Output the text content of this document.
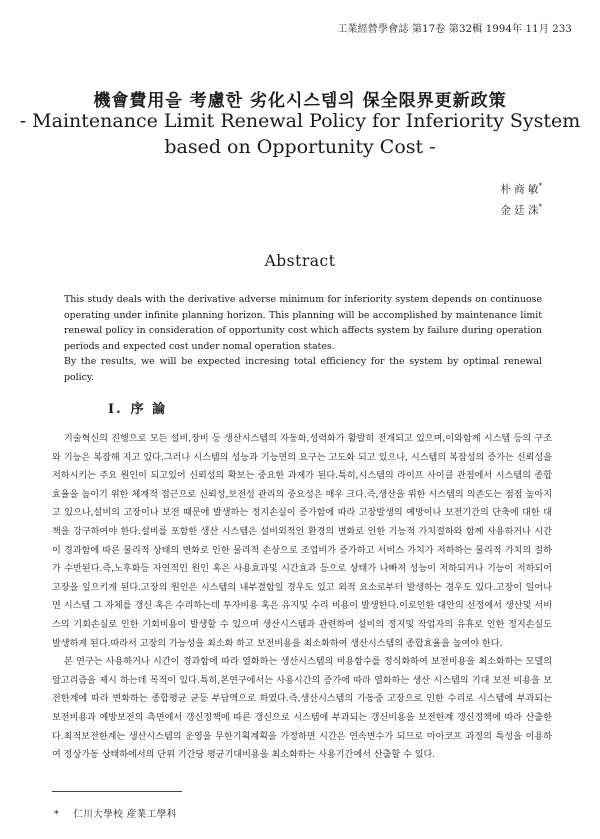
工業經營學會誌 第17卷 第32輯 1994年 11月 233
機會費用을 考慮한 劣化시스템의 保全限界更新政策
- Maintenance Limit Renewal Policy for Inferiority System
based on Opportunity Cost -
朴 商 敏*
金 廷 洙*
Abstract

This study deals with the derivative adverse minimum for inferiority system depends on continuose operating under infinite planning horizon. This planning will be accomplished by maintenance limit renewal policy in consideration of opportunity cost which affects system by failure during operation periods and expected cost under nomal operation states.

By the results, we will be expected incresing total efficiency for the system by optimal renewal policy.

I. 序 論

기술혁신의 진행으로 모든 설비,장비 등 생산시스템의 자동화,성력화가 활발히 전개되고 있으며,이와함께 시스템 등의 구조와 기능은 복잡해 지고 있다.그러나 시스템의 성능과 기능면의 요구는 고도화 되고 있으나, 시스템의 복잡성의 증가는 신뢰성을 저하시키는 주요 원인이 되고있어 신뢰성의 확보는 중요한 과제가 된다.특히,시스템의 라이프 사이클 관점에서 시스템의 종합효율을 높이기 위한 체계적 접근으로 신뢰성,보전성 관리의 중요성은 매우 크다.즉,생산을 위한 시스템의 의존도는 점점 높아지고 있으나,설비의 고장이나 보전 때문에 발생하는 정지손실이 증가함에 따라 고장발생의 예방이나 보전기간의 단축에 대한 대책을 강구하여야 한다.설비를 포함한 생산 시스템은 설비외적인 환경의 변화로 인한 기능적 가치절하와 함께 사용하거나 시간이 경과함에 따른 물리적 상태의 변화로 인한 물리적 손상으로 조업비가 증가하고 서비스 가치가 저하하는 물리적 가치의 절하가 수반된다.즉,노후화등 자연적인 원인 혹은 사용효과및 시간효과 등으로 상태가 나빠져 성능이 저하되거나 기능이 저하되어 고장을 일으키게 된다.고장의 원인은 시스템의 내부결함일 경우도 있고 외적 요소로부터 발생하는 경우도 있다.고장이 일어나면 시스템 그 자체를 갱신 혹은 수리하는데 투자비용 혹은 유지및 수리 비용이 발생한다.이로인한 대안의 선정에서 생산및 서비스의 기회손실로 인한 기회비용이 발생할 수 있으며 생산시스템과 관련하여 설비의 정지및 작업자의 유휴로 인한 정지손실도 발생하게 된다.따라서 고장의 가능성을 최소화 하고 보전비용을 최소화하여 생산시스템의 종합효율을 높여야 한다.

본 연구는 사용하거나 시간이 경과함에 따라 열화하는 생산시스템의 비용함수를 정식화하여 보전비용을 최소화하는 모델의 알고리즘을 제시 하는데 목적이 있다.특히,본연구에서는 사용시간의 증가에 따라 열화하는 생산 시스템의 기대 보전 비용을 보전한계에 따라 변화하는 종합평균 균등 부담액으로 하였다.즉,생산시스템의 가동중 고장으로 인한 수리로 시스템에 부과되는 보전비용과 예방보전의 측면에서 갱신정책에 따른 갱신으로 시스템에 부과되는 갱신비용을 보전한계 갱신정책에 따라 산출한다.최적보전한계는 생산시스템의 운영을 무한기획계획을 가정하면 시간은 연속변수가 되므로 마아코프 과정의 특성을 이용하여 정상가동 상태하에서의 단위 기간당 평균기대비용을 최소화하는 사용기간에서 산출할 수 있다.

* 仁川大學校 産業工學科
